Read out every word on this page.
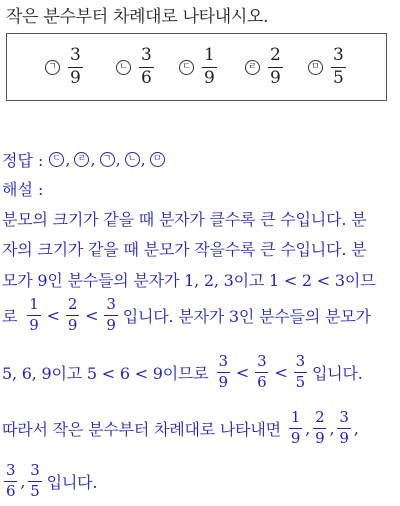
작은 분수부터 차례대로 나타내시오.
ㄱ $\frac{3}{9}$	ㄴ $\frac{3}{6}$	ㄷ $\frac{1}{9}$	ㄹ $\frac{2}{9}$	ㅁ $\frac{3}{5}$
정답 :	ㄷ , ㄹ , ㄱ , ㄴ , ㅁ
해설 :
분모의 크기가 같을 때 분자가 클수록 큰 수입니다. 분
자의 크기가 같을 때 분모가 작을수록 큰 수입니다. 분
모가 9인 분수들의 분자가 1, 2, 3이고 1 < 2 < 3이므
로 $\frac{1}{9} < \frac{2}{9} < \frac{3}{9}$ 입니다. 분자가 3인 분수들의 분모가
5, 6, 9이고 5 < 6 < 9이므로 $\frac{3}{9} < \frac{3}{6} < \frac{3}{5}$ 입니다.
따라서 작은 분수부터 차례대로 나타내면 $\frac{1}{9}$ , $\frac{2}{9}$ , $\frac{3}{9}$ ,
$\frac{3}{6}$ , $\frac{3}{5}$ 입니다.
